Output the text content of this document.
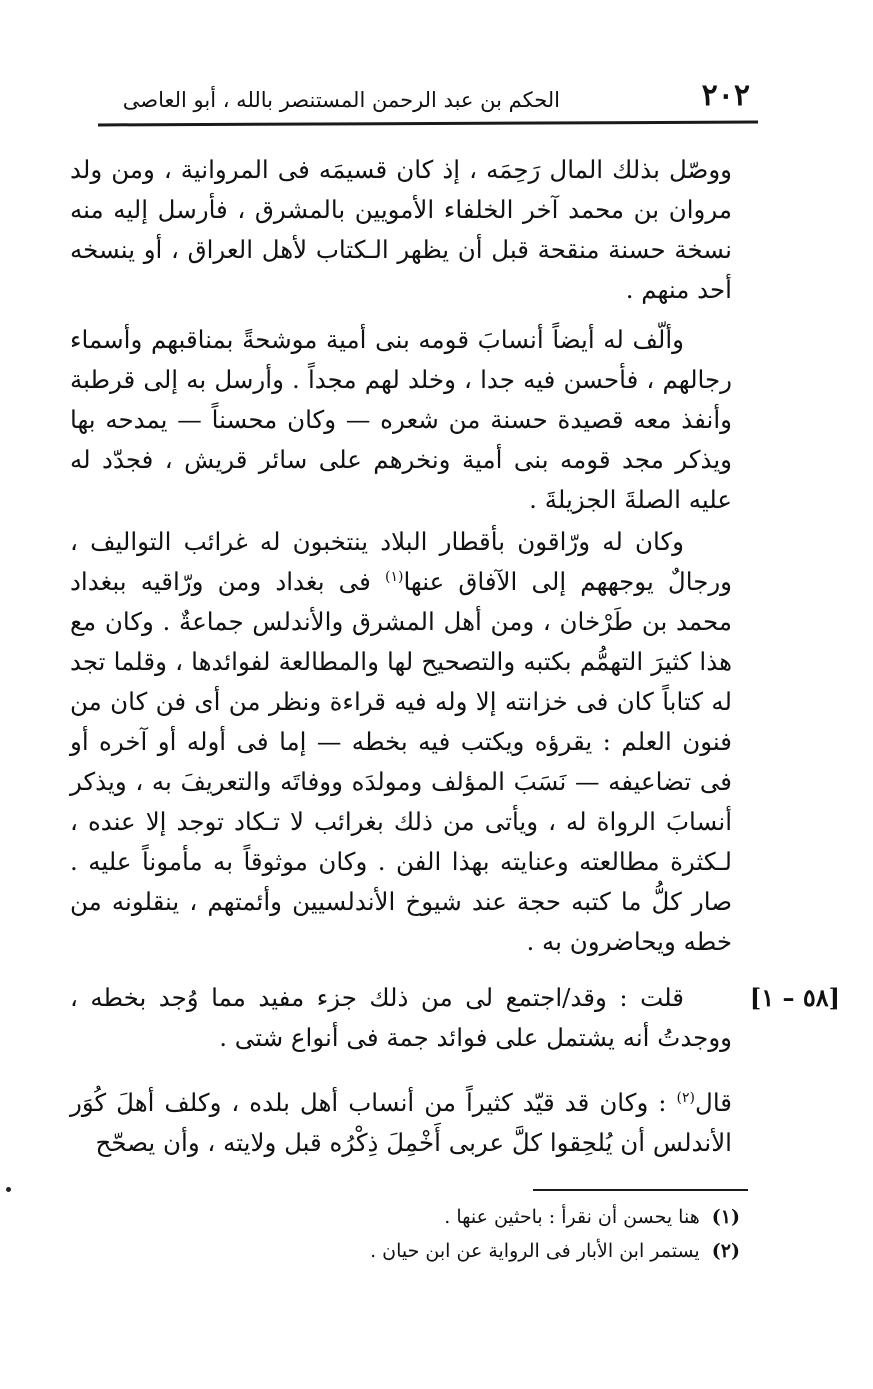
٢٠٢
الحكم بن عبد الرحمن المستنصر بالله ، أبو العاصى

ووصّل بذلك المال رَحِمَه ، إذ كان قسيمَه فى المروانية ، ومن ولد مروان بن محمد آخر الخلفاء الأمويين بالمشرق ، فأرسل إليه منه نسخة حسنة منقحة قبل أن يظهر الـكتاب لأهل العراق ، أو ينسخه أحد منهم .

وألّف له أيضاً أنسابَ قومه بنى أمية موشحةً بمناقبهم وأسماء رجالهم ، فأحسن فيه جدا ، وخلد لهم مجداً . وأرسل به إلى قرطبة وأنفذ معه قصيدة حسنة من شعره — وكان محسناً — يمدحه بها ويذكر مجد قومه بنى أمية ونخرهم على سائر قريش ، فجدّد له عليه الصلةَ الجزيلةَ .

وكان له ورّاقون بأقطار البلاد ينتخبون له غرائب التواليف ، ورجالٌ يوجههم إلى الآفاق عنها$^{(١)}$ فى بغداد ومن ورّاقيه ببغداد محمد بن طَرْخان ، ومن أهل المشرق والأندلس جماعةٌ . وكان مع هذا كثيرَ التهمُّم بكتبه والتصحيح لها والمطالعة لفوائدها ، وقلما تجد له كتاباً كان فى خزانته إلا وله فيه قراءة ونظر من أى فن كان من فنون العلم : يقرؤه ويكتب فيه بخطه — إما فى أوله أو آخره أو فى تضاعيفه — نَسَبَ المؤلف ومولدَه ووفاتَه والتعريفَ به ، ويذكر أنسابَ الرواة له ، ويأتى من ذلك بغرائب لا تـكاد توجد إلا عنده ، لـكثرة مطالعته وعنايته بهذا الفن . وكان موثوقاً به مأموناً عليه . صار كلُّ ما كتبه حجة عند شيوخ الأندلسيين وأئمتهم ، ينقلونه من خطه ويحاضرون به .

[٥٨ – ١]

قلت : وقد/اجتمع لى من ذلك جزء مفيد مما وُجد بخطه ، ووجدتُ أنه يشتمل على فوائد جمة فى أنواع شتى .

قال$^{(٢)}$ : وكان قد قيّد كثيراً من أنساب أهل بلده ، وكلف أهلَ كُوَر الأندلس أن يُلحِقوا كلَّ عربى أَخْمِلَ ذِكْرُه قبل ولايته ، وأن يصحّح

(١) هنا يحسن أن نقرأ : باحثين عنها .
(٢) يستمر ابن الأبار فى الرواية عن ابن حيان .
